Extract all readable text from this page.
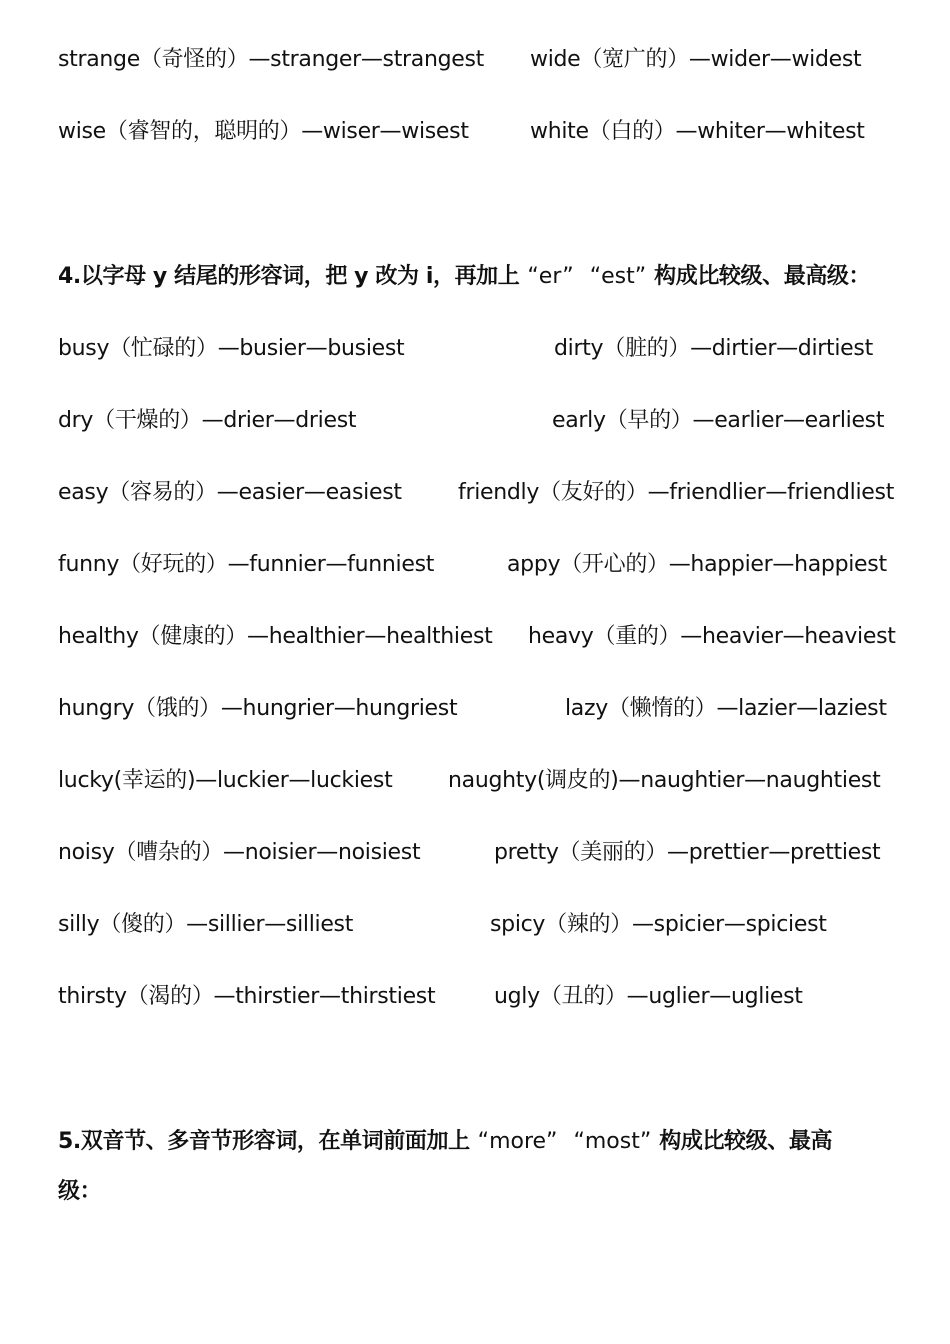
strange（奇怪的）—stranger—strangest wide（宽广的）—wider—widest
wise（睿智的，聪明的）—wiser—wisest	white（白的）—whiter—whitest
4.以字母 y 结尾的形容词，把 y 改为 i，再加上 “er” “est” 构成比较级、最高级：
busy（忙碌的）—busier—busiest	dirty（脏的）—dirtier—dirtiest
dry（干燥的）—drier—driest	early（早的）—earlier—earliest
easy（容易的）—easier—easiest	friendly（友好的）—friendlier—friendliest
funny（好玩的）—funnier—funniest	appy（开心的）—happier—happiest
healthy（健康的）—healthier—healthiest heavy（重的）—heavier—heaviest
hungry（饿的）—hungrier—hungriest	lazy（懒惰的）—lazier—laziest
lucky(幸运的)—luckier—luckiest	naughty(调皮的)—naughtier—naughtiest
noisy（嘈杂的）—noisier—noisiest	pretty（美丽的）—prettier—prettiest
silly（傻的）—sillier—silliest	spicy（辣的）—spicier—spiciest
thirsty（渴的）—thirstier—thirstiest	ugly（丑的）—uglier—ugliest
5.双音节、多音节形容词，在单词前面加上 “more” “most” 构成比较级、最高
级：
